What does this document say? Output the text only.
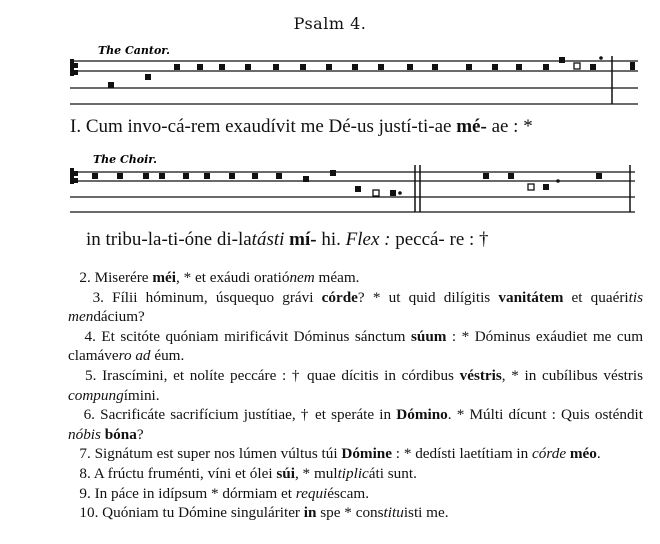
Psalm 4.
The Cantor.
The Choir.
I. Cum invo-cá-rem exaudívit me Dé-us justí-ti-ae mé- ae : *
in tribu-la-ti-óne di-latásti mí- hi. Flex : peccá- re : †
2. Miserére méi, * et exáudi oratiónem méam.
3. Fílii hóminum, úsquequo grávi córde? * ut quid dilígitis vanitátem et quaéritis mendácium?
4. Et scitóte quóniam mirificávit Dóminus sánctum súum : * Dóminus exáudiet me cum clamávero ad éum.
5. Irascímini, et nolíte peccáre : † quae dícitis in córdibus véstris, * in cubílibus véstris compungímini.
6. Sacrificáte sacrifícium justítiae, † et speráte in Dómino. * Múlti dícunt : Quis osténdit nóbis bóna?
7. Signátum est super nos lúmen vúltus túi Dómine : * dedísti laetítiam in córde méo.
8. A frúctu fruménti, víni et ólei súi, * multiplicáti sunt.
9. In páce in idípsum * dórmiam et requiéscam.
10. Quóniam tu Dómine singuláriter in spe * constituisti me.
